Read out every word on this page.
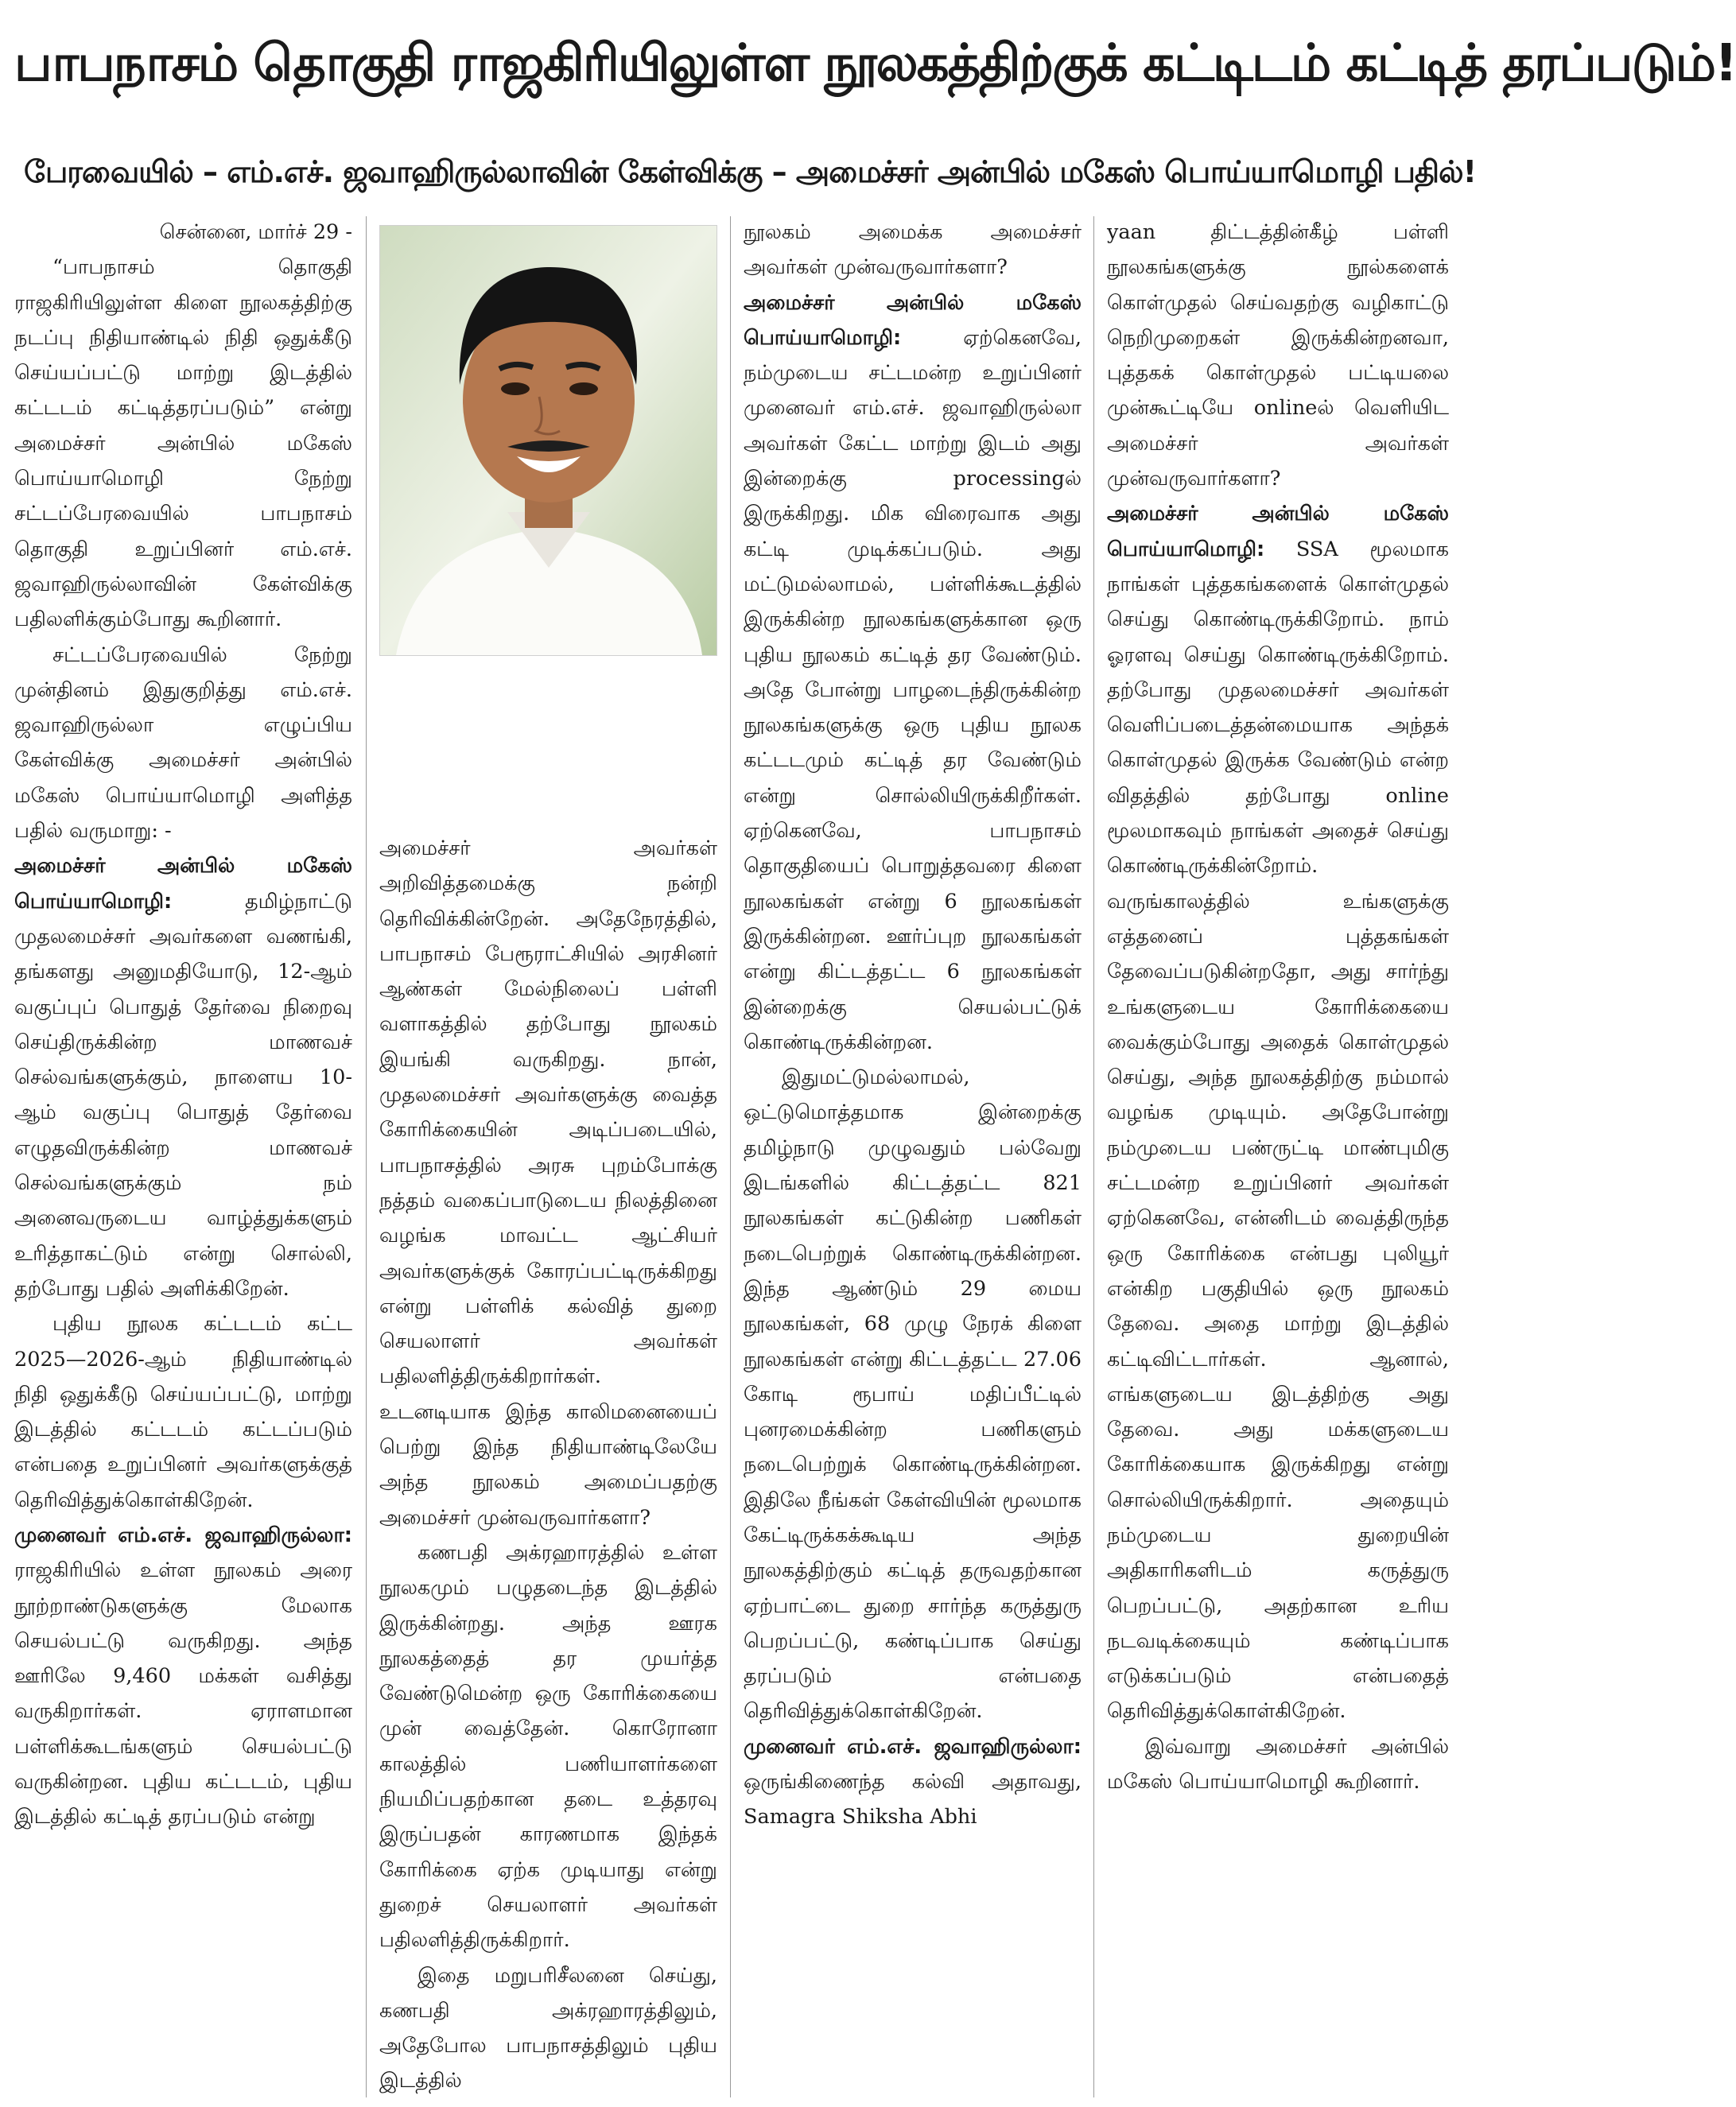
பாபநாசம் தொகுதி ராஜகிரியிலுள்ள நூலகத்திற்குக் கட்டிடம் கட்டித் தரப்படும்!
பேரவையில் – எம்.எச். ஜவாஹிருல்லாவின் கேள்விக்கு – அமைச்சர் அன்பில் மகேஸ் பொய்யாமொழி பதில்!

சென்னை, மார்ச் 29 -

“பாபநாசம் தொகுதி ராஜகிரியிலுள்ள கிளை நூலகத்திற்கு நடப்பு நிதியாண்டில் நிதி ஒதுக்கீடு செய்யப்பட்டு மாற்று இடத்தில் கட்டடம் கட்டித்தரப்படும்” என்று அமைச்சர் அன்பில் மகேஸ் பொய்யாமொழி நேற்று சட்டப்பேரவையில் பாபநாசம் தொகுதி உறுப்பினர் எம்.எச். ஜவாஹிருல்லாவின் கேள்விக்கு பதிலளிக்கும்போது கூறினார்.

சட்டப்பேரவையில் நேற்று முன்தினம் இதுகுறித்து எம்.எச். ஜவாஹிருல்லா எழுப்பிய கேள்விக்கு அமைச்சர் அன்பில் மகேஸ் பொய்யாமொழி அளித்த பதில் வருமாறு: -

அமைச்சர் அன்பில் மகேஸ் பொய்யாமொழி: தமிழ்நாட்டு முதலமைச்சர் அவர்களை வணங்கி, தங்களது அனுமதியோடு, 12-ஆம் வகுப்புப் பொதுத் தேர்வை நிறைவு செய்திருக்கின்ற மாணவச் செல்வங்களுக்கும், நாளைய 10-ஆம் வகுப்பு பொதுத் தேர்வை எழுதவிருக்கின்ற மாணவச் செல்வங்களுக்கும் நம் அனைவருடைய வாழ்த்துக்களும் உரித்தாகட்டும் என்று சொல்லி, தற்போது பதில் அளிக்கிறேன்.

புதிய நூலக கட்டடம் கட்ட 2025—2026-ஆம் நிதியாண்டில் நிதி ஒதுக்கீடு செய்யப்பட்டு, மாற்று இடத்தில் கட்டடம் கட்டப்படும் என்பதை உறுப்பினர் அவர்களுக்குத் தெரிவித்துக்கொள்கிறேன்.

முனைவர் எம்.எச். ஜவாஹிருல்லா: ராஜகிரியில் உள்ள நூலகம் அரை நூற்றாண்டுகளுக்கு மேலாக செயல்பட்டு வருகிறது. அந்த ஊரிலே 9,460 மக்கள் வசித்து வருகிறார்கள். ஏராளமான பள்ளிக்கூடங்களும் செயல்பட்டு வருகின்றன. புதிய கட்டடம், புதிய இடத்தில் கட்டித் தரப்படும் என்று

அமைச்சர் அவர்கள் அறிவித்தமைக்கு நன்றி தெரிவிக்கின்றேன். அதேநேரத்தில், பாபநாசம் பேரூராட்சியில் அரசினர் ஆண்கள் மேல்நிலைப் பள்ளி வளாகத்தில் தற்போது நூலகம் இயங்கி வருகிறது. நான், முதலமைச்சர் அவர்களுக்கு வைத்த கோரிக்கையின் அடிப்படையில், பாபநாசத்தில் அரசு புறம்போக்கு நத்தம் வகைப்பாடுடைய நிலத்தினை வழங்க மாவட்ட ஆட்சியர் அவர்களுக்குக் கோரப்பட்டிருக்கிறது என்று பள்ளிக் கல்வித் துறை செயலாளர் அவர்கள் பதிலளித்திருக்கிறார்கள். உடனடியாக இந்த காலிமனையைப் பெற்று இந்த நிதியாண்டிலேயே அந்த நூலகம் அமைப்பதற்கு அமைச்சர் முன்வருவார்களா?

கணபதி அக்ரஹாரத்தில் உள்ள நூலகமும் பழுதடைந்த இடத்தில் இருக்கின்றது. அந்த ஊரக நூலகத்தைத் தர முயர்த்த வேண்டுமென்ற ஒரு கோரிக்கையை முன் வைத்தேன். கொரோனா காலத்தில் பணியாளர்களை நியமிப்பதற்கான தடை உத்தரவு இருப்பதன் காரணமாக இந்தக் கோரிக்கை ஏற்க முடியாது என்று துறைச் செயலாளர் அவர்கள் பதிலளித்திருக்கிறார்.

இதை மறுபரிசீலனை செய்து, கணபதி அக்ரஹாரத்திலும், அதேபோல பாபநாசத்திலும் புதிய இடத்தில்

நூலகம் அமைக்க அமைச்சர் அவர்கள் முன்வருவார்களா?

அமைச்சர் அன்பில் மகேஸ் பொய்யாமொழி: ஏற்கெனவே, நம்முடைய சட்டமன்ற உறுப்பினர் முனைவர் எம்.எச். ஜவாஹிருல்லா அவர்கள் கேட்ட மாற்று இடம் அது இன்றைக்கு processingல் இருக்கிறது. மிக விரைவாக அது கட்டி முடிக்கப்படும். அது மட்டுமல்லாமல், பள்ளிக்கூடத்தில் இருக்கின்ற நூலகங்களுக்கான ஒரு புதிய நூலகம் கட்டித் தர வேண்டும். அதே போன்று பாழடைந்திருக்கின்ற நூலகங்களுக்கு ஒரு புதிய நூலக கட்டடமும் கட்டித் தர வேண்டும் என்று சொல்லியிருக்கிறீர்கள். ஏற்கெனவே, பாபநாசம் தொகுதியைப் பொறுத்தவரை கிளை நூலகங்கள் என்று 6 நூலகங்கள் இருக்கின்றன. ஊர்ப்புற நூலகங்கள் என்று கிட்டத்தட்ட 6 நூலகங்கள் இன்றைக்கு செயல்பட்டுக் கொண்டிருக்கின்றன.

இதுமட்டுமல்லாமல், ஒட்டுமொத்தமாக இன்றைக்கு தமிழ்நாடு முழுவதும் பல்வேறு இடங்களில் கிட்டத்தட்ட 821 நூலகங்கள் கட்டுகின்ற பணிகள் நடைபெற்றுக் கொண்டிருக்கின்றன. இந்த ஆண்டும் 29 மைய நூலகங்கள், 68 முழு நேரக் கிளை நூலகங்கள் என்று கிட்டத்தட்ட 27.06 கோடி ரூபாய் மதிப்பீட்டில் புனரமைக்கின்ற பணிகளும் நடைபெற்றுக் கொண்டிருக்கின்றன. இதிலே நீங்கள் கேள்வியின் மூலமாக கேட்டிருக்கக்கூடிய அந்த நூலகத்திற்கும் கட்டித் தருவதற்கான ஏற்பாட்டை துறை சார்ந்த கருத்துரு பெறப்பட்டு, கண்டிப்பாக செய்து தரப்படும் என்பதை தெரிவித்துக்கொள்கிறேன்.

முனைவர் எம்.எச். ஜவாஹிருல்லா: ஒருங்கிணைந்த கல்வி அதாவது, Samagra Shiksha Abhi

yaan திட்டத்தின்கீழ் பள்ளி நூலகங்களுக்கு நூல்களைக் கொள்முதல் செய்வதற்கு வழிகாட்டு நெறிமுறைகள் இருக்கின்றனவா, புத்தகக் கொள்முதல் பட்டியலை முன்கூட்டியே onlineல் வெளியிட அமைச்சர் அவர்கள் முன்வருவார்களா?

அமைச்சர் அன்பில் மகேஸ் பொய்யாமொழி: SSA மூலமாக நாங்கள் புத்தகங்களைக் கொள்முதல் செய்து கொண்டிருக்கிறோம். நாம் ஓரளவு செய்து கொண்டிருக்கிறோம். தற்போது முதலமைச்சர் அவர்கள் வெளிப்படைத்தன்மையாக அந்தக் கொள்முதல் இருக்க வேண்டும் என்ற விதத்தில் தற்போது online மூலமாகவும் நாங்கள் அதைச் செய்து கொண்டிருக்கின்றோம். வருங்காலத்தில் உங்களுக்கு எத்தனைப் புத்தகங்கள் தேவைப்படுகின்றதோ, அது சார்ந்து உங்களுடைய கோரிக்கையை வைக்கும்போது அதைக் கொள்முதல் செய்து, அந்த நூலகத்திற்கு நம்மால் வழங்க முடியும். அதேபோன்று நம்முடைய பண்ருட்டி மாண்புமிகு சட்டமன்ற உறுப்பினர் அவர்கள் ஏற்கெனவே, என்னிடம் வைத்திருந்த ஒரு கோரிக்கை என்பது புலியூர் என்கிற பகுதியில் ஒரு நூலகம் தேவை. அதை மாற்று இடத்தில் கட்டிவிட்டார்கள். ஆனால், எங்களுடைய இடத்திற்கு அது தேவை. அது மக்களுடைய கோரிக்கையாக இருக்கிறது என்று சொல்லியிருக்கிறார். அதையும் நம்முடைய துறையின் அதிகாரிகளிடம் கருத்துரு பெறப்பட்டு, அதற்கான உரிய நடவடிக்கையும் கண்டிப்பாக எடுக்கப்படும் என்பதைத் தெரிவித்துக்கொள்கிறேன்.

இவ்வாறு அமைச்சர் அன்பில் மகேஸ் பொய்யாமொழி கூறினார்.
